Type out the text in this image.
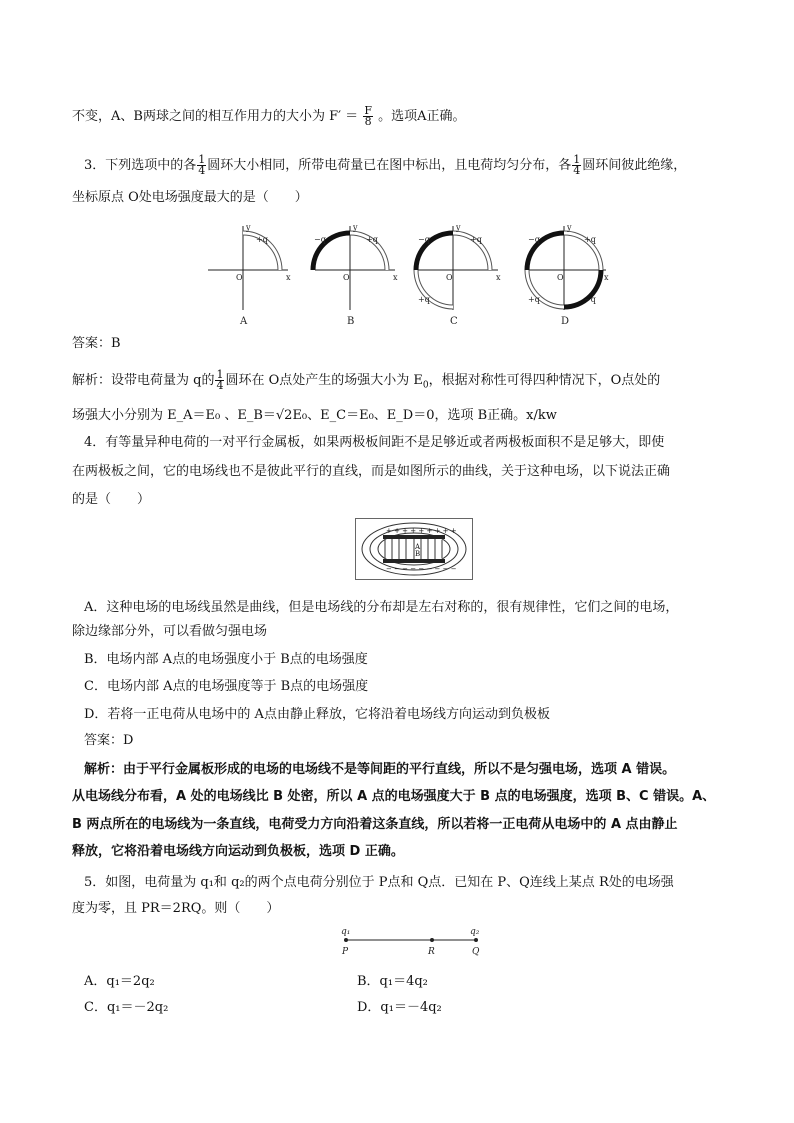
不变，A、B两球之间的相互作用力的大小为 $F' = \frac{F}{8}$ 。选项A正确。
3．下列选项中的各 $\frac{1}{4}$ 圆环大小相同，所带电荷量已在图中标出，且电荷均匀分布，各 $\frac{1}{4}$ 圆环间彼此绝缘，
坐标原点 O处电场强度最大的是（　　）
y
+q
O	x
A
y
−q	+q
O	x
B
y
−q	+q
O	x
+q
C
y
−q	+q
O	x
+q	−q
D
答案：B
解析：设带电荷量为 q的 $\frac{1}{4}$ 圆环在 O点处产生的场强大小为 $E_0$，根据对称性可得四种情况下，O点处的
场强大小分别为 E_A＝E₀ 、E_B＝√2E₀、E_C＝E₀、E_D＝0，选项 B正确。x/kw
4．有等量异种电荷的一对平行金属板，如果两极板间距不是足够近或者两极板面积不是足够大，即使
在两极板之间，它的电场线也不是彼此平行的直线，而是如图所示的曲线，关于这种电场，以下说法正确
的是（　　）
+ + + + + + + + +
A
B
− − − − − − − − −
A．这种电场的电场线虽然是曲线，但是电场线的分布却是左右对称的，很有规律性，它们之间的电场，
除边缘部分外，可以看做匀强电场
B．电场内部 A点的电场强度小于 B点的电场强度
C．电场内部 A点的电场强度等于 B点的电场强度
D．若将一正电荷从电场中的 A点由静止释放，它将沿着电场线方向运动到负极板
答案：D
解析：由于平行金属板形成的电场的电场线不是等间距的平行直线，所以不是匀强电场，选项 A 错误。
从电场线分布看，A 处的电场线比 B 处密，所以 A 点的电场强度大于 B 点的电场强度，选项 B、C 错误。A、
B 两点所在的电场线为一条直线，电荷受力方向沿着这条直线，所以若将一正电荷从电场中的 A 点由静止
释放，它将沿着电场线方向运动到负极板，选项 D 正确。
5．如图，电荷量为 q₁和 q₂的两个点电荷分别位于 P点和 Q点．已知在 P、Q连线上某点 R处的电场强
度为零，且 PR＝2RQ。则（　　）
q₁	q₂
P	R	Q
A．q₁＝2q₂	B．q₁＝4q₂
C．q₁＝－2q₂	D．q₁＝－4q₂
